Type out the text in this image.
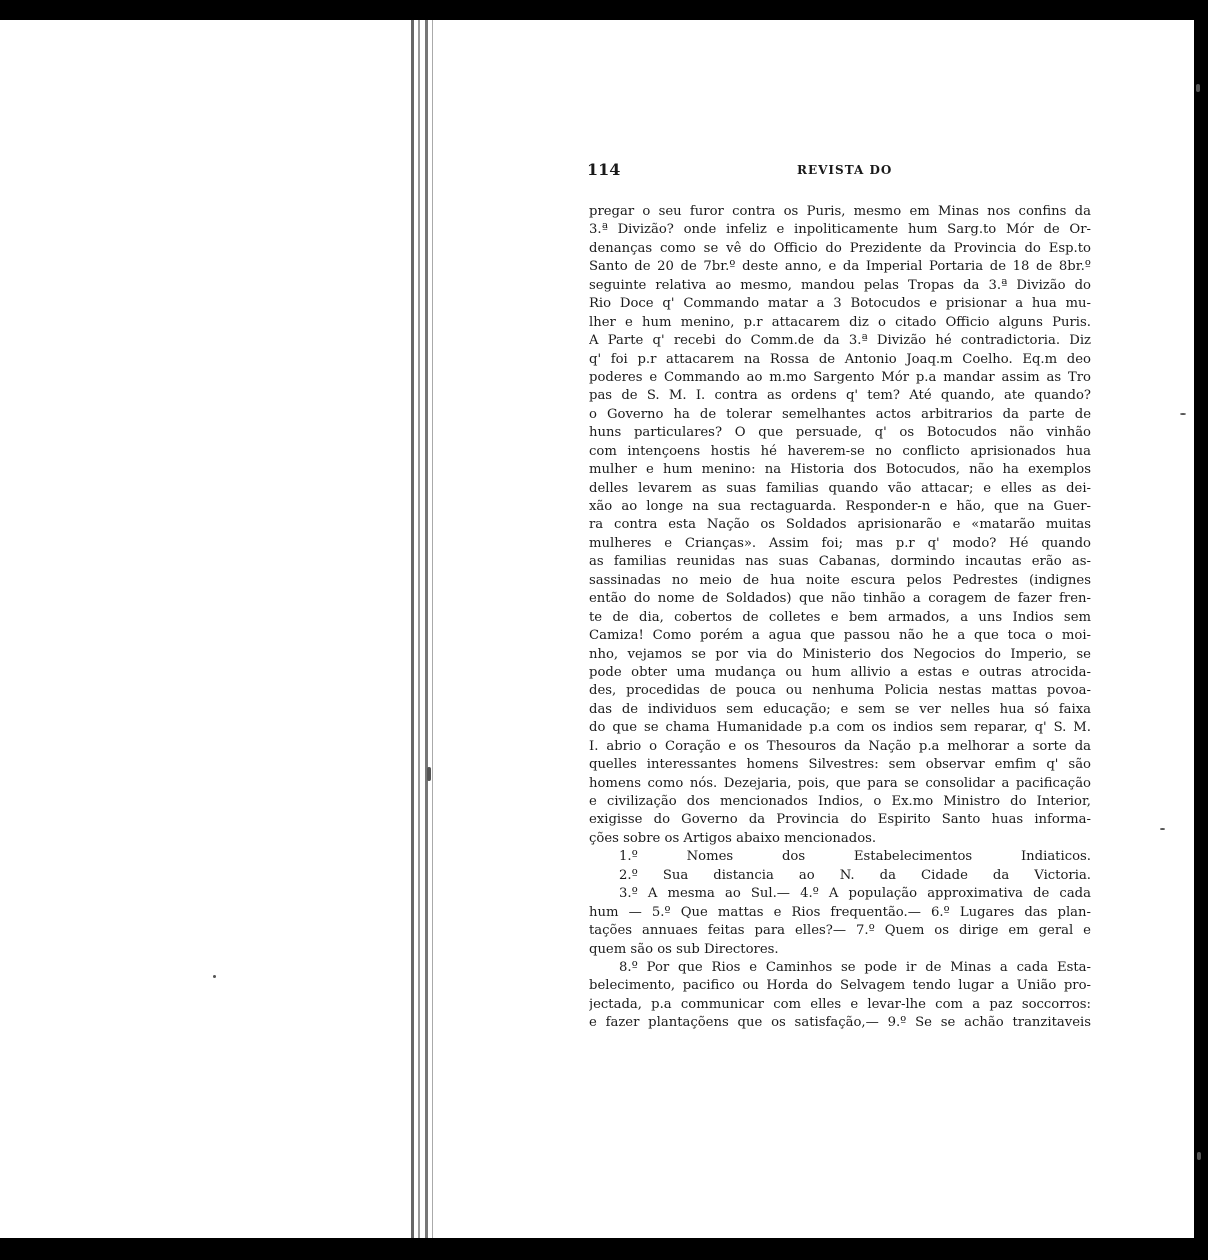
114	REVISTA DO
pregar o seu furor contra os Puris, mesmo em Minas nos confins da
3.ª Divizão? onde infeliz e inpoliticamente hum Sarg.to Mór de Or-
denanças como se vê do Officio do Prezidente da Provincia do Esp.to
Santo de 20 de 7br.º deste anno, e da Imperial Portaria de 18 de 8br.º
seguinte relativa ao mesmo, mandou pelas Tropas da 3.ª Divizão do
Rio Doce q' Commando matar a 3 Botocudos e prisionar a hua mu-
lher e hum menino, p.r attacarem diz o citado Officio alguns Puris.
A Parte q' recebi do Comm.de da 3.ª Divizão hé contradictoria. Diz
q' foi p.r attacarem na Rossa de Antonio Joaq.m Coelho. Eq.m deo
poderes e Commando ao m.mo Sargento Mór p.a mandar assim as Tro
pas de S. M. I. contra as ordens q' tem? Até quando, ate quando?
o Governo ha de tolerar semelhantes actos arbitrarios da parte de
huns particulares? O que persuade, q' os Botocudos não vinhão
com intençoens hostis hé haverem-se no conflicto aprisionados hua
mulher e hum menino: na Historia dos Botocudos, não ha exemplos
delles levarem as suas familias quando vão attacar; e elles as dei-
xão ao longe na sua rectaguarda. Responder-n e hão, que na Guer-
ra contra esta Nação os Soldados aprisionarão e «matarão muitas
mulheres e Crianças». Assim foi; mas p.r q' modo? Hé quando
as familias reunidas nas suas Cabanas, dormindo incautas erão as-
sassinadas no meio de hua noite escura pelos Pedrestes (indignes
então do nome de Soldados) que não tinhão a coragem de fazer fren-
te de dia, cobertos de colletes e bem armados, a uns Indios sem
Camiza! Como porém a agua que passou não he a que toca o moi-
nho, vejamos se por via do Ministerio dos Negocios do Imperio, se
pode obter uma mudança ou hum allivio a estas e outras atrocida-
des, procedidas de pouca ou nenhuma Policia nestas mattas povoa-
das de individuos sem educação; e sem se ver nelles hua só faixa
do que se chama Humanidade p.a com os indios sem reparar, q' S. M.
I. abrio o Coração e os Thesouros da Nação p.a melhorar a sorte da
quelles interessantes homens Silvestres: sem observar emfim q' são
homens como nós. Dezejaria, pois, que para se consolidar a pacificação
e civilização dos mencionados Indios, o Ex.mo Ministro do Interior,
exigisse do Governo da Provincia do Espirito Santo huas informa-
ções sobre os Artigos abaixo mencionados.
1.º Nomes dos Estabelecimentos Indiaticos.
2.º Sua distancia ao N. da Cidade da Victoria.
3.º A mesma ao Sul.— 4.º A população approximativa de cada
hum — 5.º Que mattas e Rios frequentão.— 6.º Lugares das plan-
tações annuaes feitas para elles?— 7.º Quem os dirige em geral e
quem são os sub Directores.
8.º Por que Rios e Caminhos se pode ir de Minas a cada Esta-
belecimento, pacifico ou Horda do Selvagem tendo lugar a União pro-
jectada, p.a communicar com elles e levar-lhe com a paz soccorros:
e fazer plantaçõens que os satisfação,— 9.º Se se achão tranzitaveis
